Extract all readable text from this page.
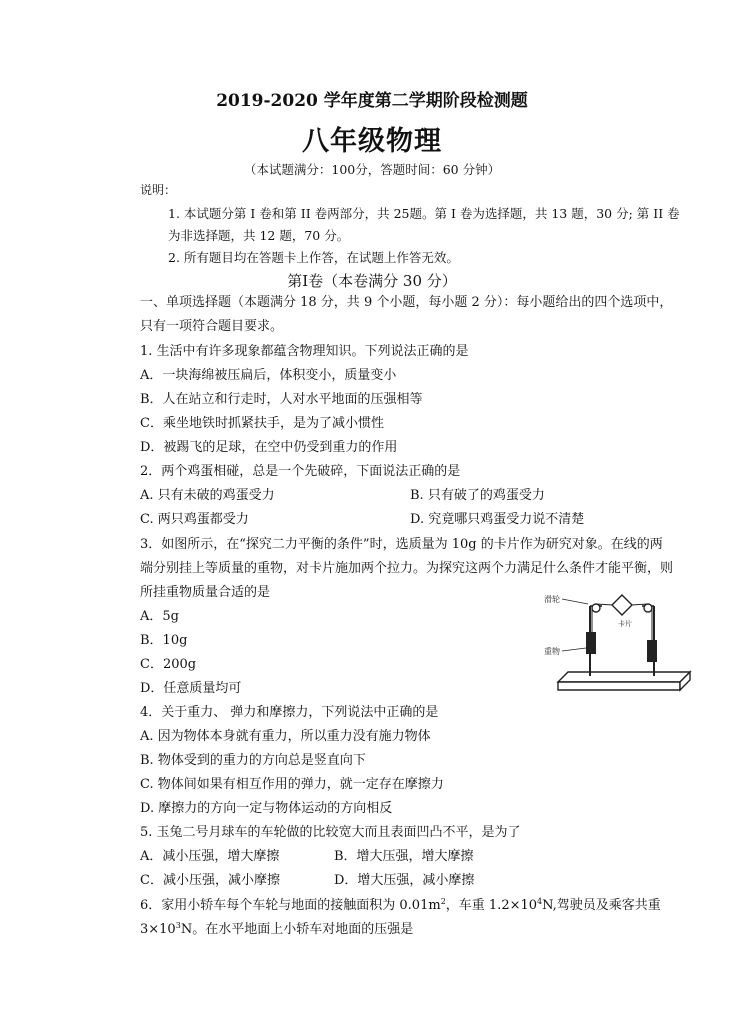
2019-2020 学年度第二学期阶段检测题
八年级物理
（本试题满分：100分，答题时间：60 分钟）
说明：
1. 本试题分第 I 卷和第 II 卷两部分，共 25题。第 I 卷为选择题，共 13 题，30 分; 第 II 卷
为非选择题，共 12 题，70 分。
2. 所有题目均在答题卡上作答，在试题上作答无效。
第Ⅰ卷（本卷满分 30 分）
一、单项选择题（本题满分 18 分，共 9 个小题，每小题 2 分）：每小题给出的四个选项中，
只有一项符合题目要求。
1. 生活中有许多现象都蕴含物理知识。下列说法正确的是
A．一块海绵被压扁后，体积变小，质量变小
B．人在站立和行走时，人对水平地面的压强相等
C．乘坐地铁时抓紧扶手，是为了减小惯性
D．被踢飞的足球，在空中仍受到重力的作用
2．两个鸡蛋相碰，总是一个先破碎，下面说法正确的是
A. 只有未破的鸡蛋受力	B. 只有破了的鸡蛋受力
C. 两只鸡蛋都受力	D. 究竟哪只鸡蛋受力说不清楚
3．如图所示，在“探究二力平衡的条件”时，选质量为 10g 的卡片作为研究对象。在线的两
端分别挂上等质量的重物，对卡片施加两个拉力。为探究这两个力满足什么条件才能平衡，则
所挂重物质量合适的是
A．5g
B．10g
C．200g
D．任意质量均可
滑轮
卡片
重物
4．关于重力、 弹力和摩擦力，下列说法中正确的是
A. 因为物体本身就有重力，所以重力没有施力物体
B. 物体受到的重力的方向总是竖直向下
C. 物体间如果有相互作用的弹力，就一定存在摩擦力
D. 摩擦力的方向一定与物体运动的方向相反
5. 玉兔二号月球车的车轮做的比较宽大而且表面凹凸不平，是为了
A．减小压强，增大摩擦	B．增大压强，增大摩擦
C．减小压强，减小摩擦	D．增大压强，减小摩擦
6．家用小轿车每个车轮与地面的接触面积为 $0.01m^2$，车重 $1.2\times 10^4N$,驾驶员及乘客共重
$3\times 10^3N$。在水平地面上小轿车对地面的压强是
